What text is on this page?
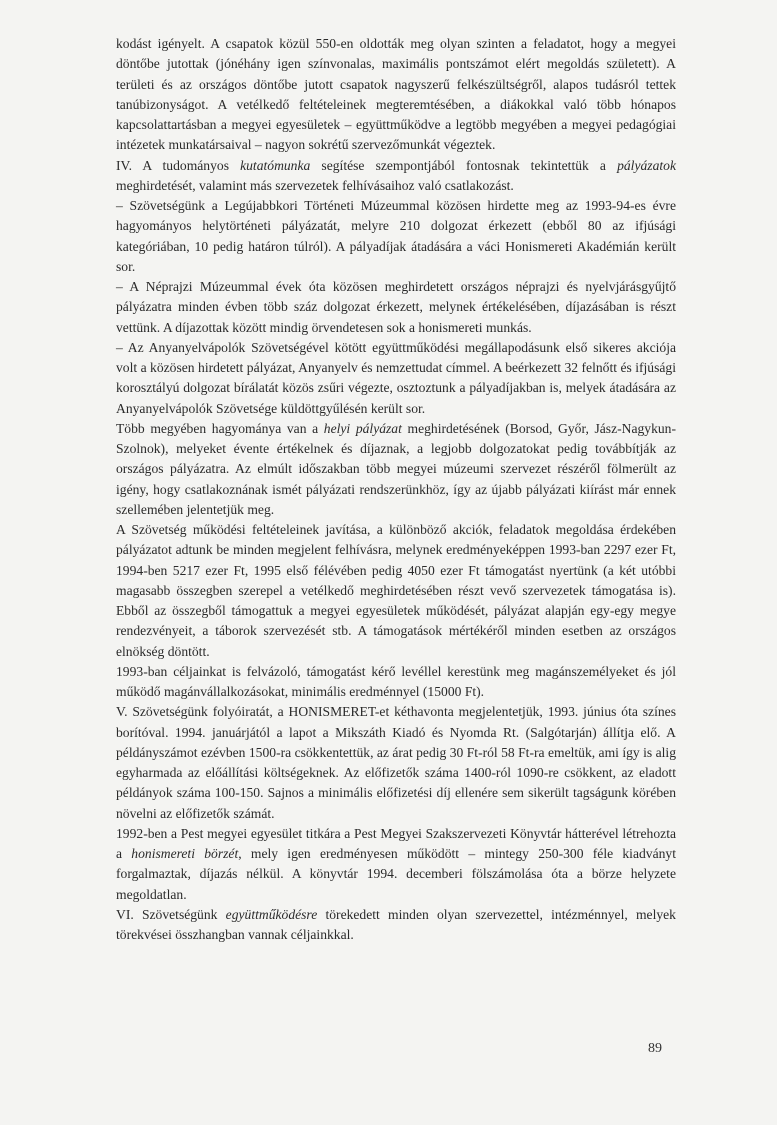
kodást igényelt. A csapatok közül 550-en oldották meg olyan szinten a feladatot, hogy a megyei döntőbe jutottak (jónéhány igen színvonalas, maximális pontszámot elért megoldás született). A területi és az országos döntőbe jutott csapatok nagyszerű felkészültségről, alapos tudásról tettek tanúbizonyságot. A vetélkedő feltételeinek megteremtésében, a diákokkal való több hónapos kapcsolattartásban a megyei egyesületek – együttműködve a legtöbb megyében a megyei pedagógiai intézetek munkatársaival – nagyon sokrétű szervezőmunkát végeztek.

IV. A tudományos kutatómunka segítése szempontjából fontosnak tekintettük a pályázatok meghirdetését, valamint más szervezetek felhívásaihoz való csatlakozást.

– Szövetségünk a Legújabbkori Történeti Múzeummal közösen hirdette meg az 1993-94-es évre hagyományos helytörténeti pályázatát, melyre 210 dolgozat érkezett (ebből 80 az ifjúsági kategóriában, 10 pedig határon túlról). A pályadíjak átadására a váci Honismereti Akadémián került sor.

– A Néprajzi Múzeummal évek óta közösen meghirdetett országos néprajzi és nyelvjárásgyűjtő pályázatra minden évben több száz dolgozat érkezett, melynek értékelésében, díjazásában is részt vettünk. A díjazottak között mindig örvendetesen sok a honismereti munkás.

– Az Anyanyelvápolók Szövetségével kötött együttműködési megállapodásunk első sikeres akciója volt a közösen hirdetett pályázat, Anyanyelv és nemzettudat címmel. A beérkezett 32 felnőtt és ifjúsági korosztályú dolgozat bírálatát közös zsűri végezte, osztoztunk a pályadíjakban is, melyek átadására az Anyanyelvápolók Szövetsége küldöttgyűlésén került sor.

Több megyében hagyománya van a helyi pályázat meghirdetésének (Borsod, Győr, Jász-Nagykun-Szolnok), melyeket évente értékelnek és díjaznak, a legjobb dolgozatokat pedig továbbítják az országos pályázatra. Az elmúlt időszakban több megyei múzeumi szervezet részéről fölmerült az igény, hogy csatlakoznának ismét pályázati rendszerünkhöz, így az újabb pályázati kiírást már ennek szellemében jelentetjük meg.

A Szövetség működési feltételeinek javítása, a különböző akciók, feladatok megoldása érdekében pályázatot adtunk be minden megjelent felhívásra, melynek eredményeképpen 1993-ban 2297 ezer Ft, 1994-ben 5217 ezer Ft, 1995 első félévében pedig 4050 ezer Ft támogatást nyertünk (a két utóbbi magasabb összegben szerepel a vetélkedő meghirdetésében részt vevő szervezetek támogatása is). Ebből az összegből támogattuk a megyei egyesületek működését, pályázat alapján egy-egy megye rendezvényeit, a táborok szervezését stb. A támogatások mértékéről minden esetben az országos elnökség döntött.

1993-ban céljainkat is felvázoló, támogatást kérő levéllel kerestünk meg magánszemélyeket és jól működő magánvállalkozásokat, minimális eredménnyel (15000 Ft).

V. Szövetségünk folyóiratát, a HONISMERET-et kéthavonta megjelentetjük, 1993. június óta színes borítóval. 1994. januárjától a lapot a Mikszáth Kiadó és Nyomda Rt. (Salgótarján) állítja elő. A példányszámot ezévben 1500-ra csökkentettük, az árat pedig 30 Ft-ról 58 Ft-ra emeltük, ami így is alig egyharmada az előállítási költségeknek. Az előfizetők száma 1400-ról 1090-re csökkent, az eladott példányok száma 100-150. Sajnos a minimális előfizetési díj ellenére sem sikerült tagságunk körében növelni az előfizetők számát.

1992-ben a Pest megyei egyesület titkára a Pest Megyei Szakszervezeti Könyvtár hátterével létrehozta a honismereti börzét, mely igen eredményesen működött – mintegy 250-300 féle kiadványt forgalmaztak, díjazás nélkül. A könyvtár 1994. decemberi fölszámolása óta a börze helyzete megoldatlan.

VI. Szövetségünk együttműködésre törekedett minden olyan szervezettel, intézménnyel, melyek törekvései összhangban vannak céljainkkal.

89
